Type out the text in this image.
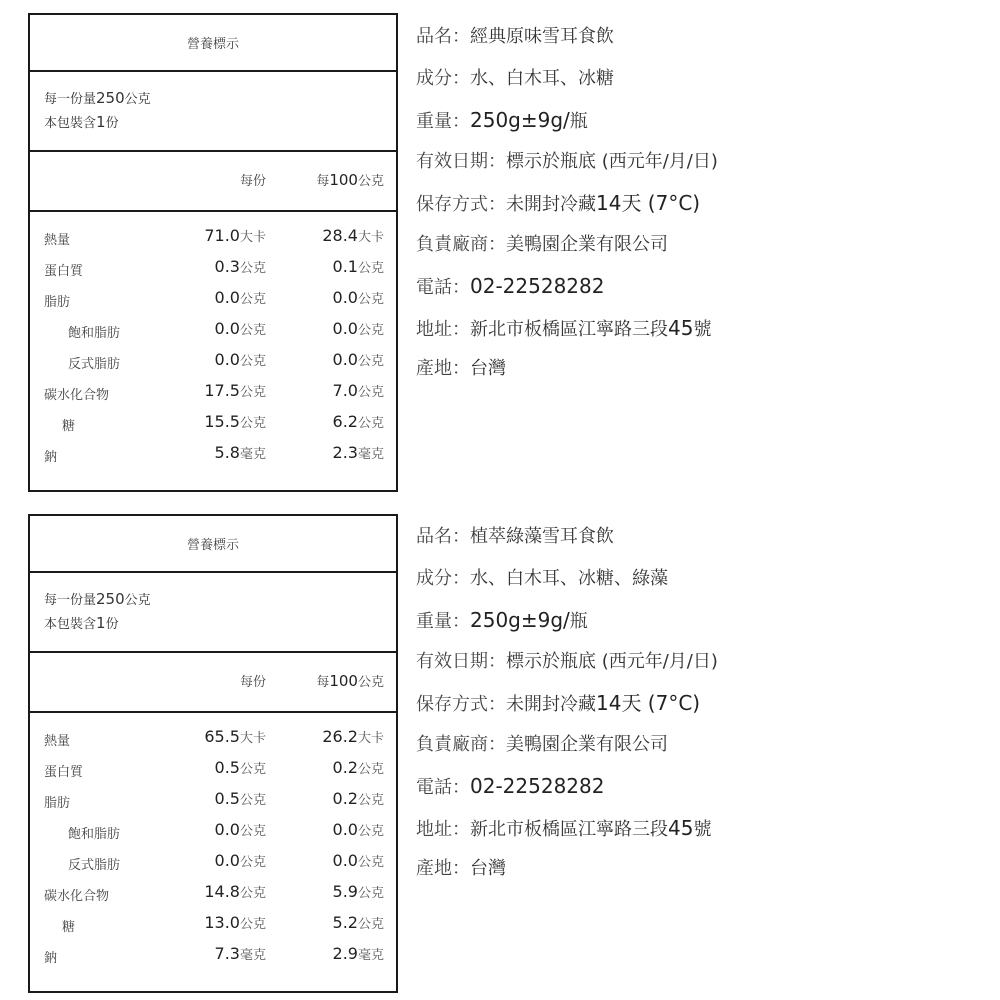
營養標示
每一份量250公克
本包裝含1份
每份	每100公克
熱量	71.0大卡	28.4大卡
蛋白質	0.3公克	0.1公克
脂肪	0.0公克	0.0公克
飽和脂肪	0.0公克	0.0公克
反式脂肪	0.0公克	0.0公克
碳水化合物	17.5公克	7.0公克
糖	15.5公克	6.2公克
鈉	5.8毫克	2.3毫克
品名：經典原味雪耳食飲
成分：水、白木耳、冰糖
重量：250g±9g/瓶
有效日期：標示於瓶底 (西元年/月/日)
保存方式：未開封冷藏14天 (7°C)
負責廠商：美鴨園企業有限公司
電話：02-22528282
地址：新北市板橋區江寧路三段45號
產地：台灣
營養標示
每一份量250公克
本包裝含1份
每份	每100公克
熱量	65.5大卡	26.2大卡
蛋白質	0.5公克	0.2公克
脂肪	0.5公克	0.2公克
飽和脂肪	0.0公克	0.0公克
反式脂肪	0.0公克	0.0公克
碳水化合物	14.8公克	5.9公克
糖	13.0公克	5.2公克
鈉	7.3毫克	2.9毫克
品名：植萃綠藻雪耳食飲
成分：水、白木耳、冰糖、綠藻
重量：250g±9g/瓶
有效日期：標示於瓶底 (西元年/月/日)
保存方式：未開封冷藏14天 (7°C)
負責廠商：美鴨園企業有限公司
電話：02-22528282
地址：新北市板橋區江寧路三段45號
產地：台灣
